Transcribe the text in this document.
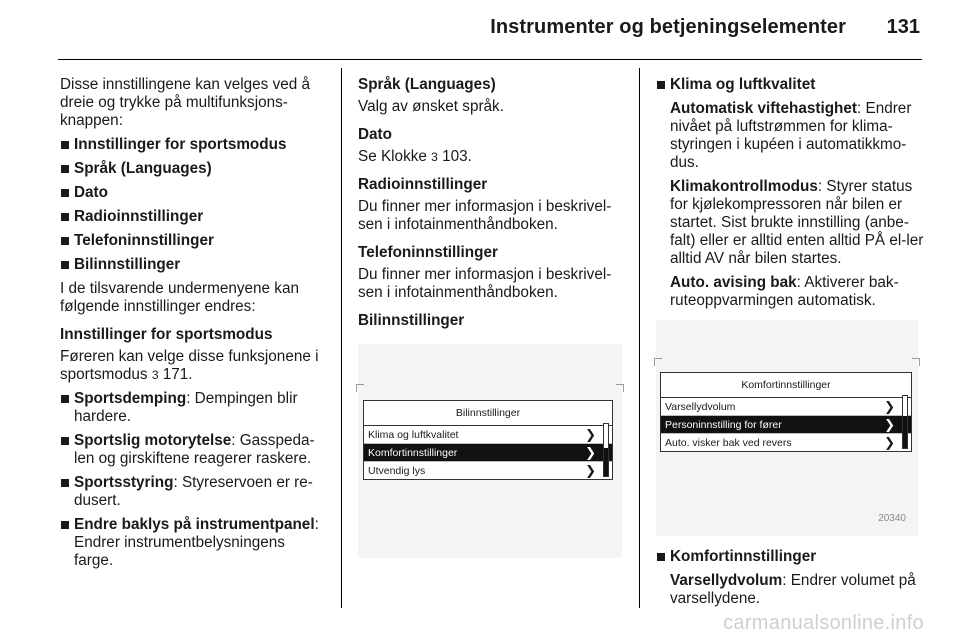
Instrumenter og betjeningselementer 131

Disse innstillingene kan velges ved å dreie og trykke på multifunksjons-knappen:

Innstillinger for sportsmodus
Språk (Languages)
Dato
Radioinnstillinger
Telefoninnstillinger
Bilinnstillinger

I de tilsvarende undermenyene kan følgende innstillinger endres:

Innstillinger for sportsmodus

Føreren kan velge disse funksjonene i sportsmodus 3 171.

Sportsdemping: Dempingen blir hardere.
Sportslig motorytelse: Gasspeda-len og girskiftene reagerer raskere.
Sportsstyring: Styreservoen er re-dusert.
Endre baklys på instrumentpanel: Endrer instrumentbelysningens farge.

Språk (Languages)

Valg av ønsket språk.

Dato

Se Klokke 3 103.

Radioinnstillinger

Du finner mer informasjon i beskrivel-sen i infotainmenthåndboken.

Telefoninnstillinger

Du finner mer informasjon i beskrivel-sen i infotainmenthåndboken.

Bilinnstillinger

Bilinnstillinger
Klima og luftkvalitet	❯
Komfortinnstillinger	❯
Utvendig lys	❯
Klima og luftkvalitet

Automatisk viftehastighet: Endrer nivået på luftstrømmen for klima-styringen i kupéen i automatikkmo-dus.

Klimakontrollmodus: Styrer status for kjølekompressoren når bilen er startet. Sist brukte innstilling (anbe-falt) eller er alltid enten alltid PÅ el-ler alltid AV når bilen startes.

Auto. avising bak: Aktiverer bak-ruteoppvarmingen automatisk.

Komfortinnstillinger
Varsellydvolum	❯
Personinnstilling for fører	❯
Auto. visker bak ved revers	❯
20340
Komfortinnstillinger

Varsellydvolum: Endrer volumet på varsellydene.

carmanualsonline.info
